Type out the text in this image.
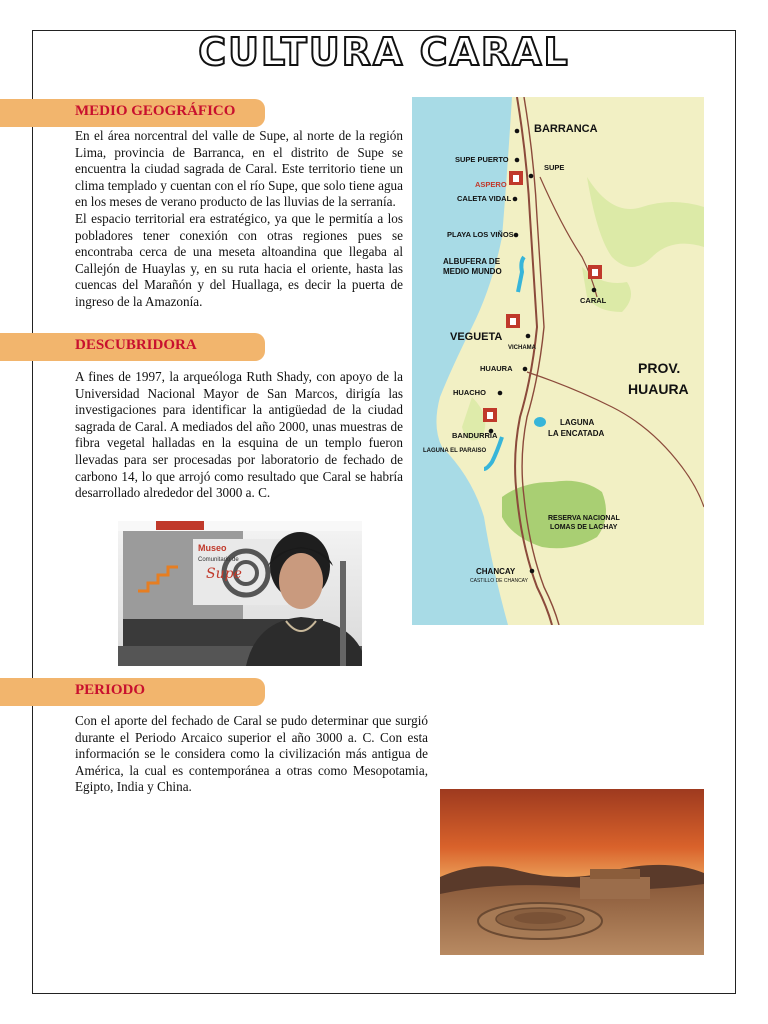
CULTURA CARAL
MEDIO GEOGRÁFICO

En el área norcentral del valle de Supe, al norte de la región Lima, provincia de Barranca, en el distrito de Supe se encuentra la ciudad sagrada de Caral. Este territorio tiene un clima templado y cuentan con el río Supe, que solo tiene agua en los meses de verano producto de las lluvias de la serranía.

El espacio territorial era estratégico, ya que le permitía a los pobladores tener conexión con otras regiones pues se encontraba cerca de una meseta altoandina que llegaba al Callejón de Huaylas y, en su ruta hacia el oriente, hasta las cuencas del Marañón y del Huallaga, es decir la puerta de ingreso de la Amazonía.

DESCUBRIDORA

A fines de 1997, la arqueóloga Ruth Shady, con apoyo de la Universidad Nacional Mayor de San Marcos, dirigía las investigaciones para identificar la antigüedad de la ciudad sagrada de Caral. A mediados del año 2000, unas muestras de fibra vegetal halladas en la esquina de un templo fueron llevadas para ser procesadas por laboratorio de fechado de carbono 14, lo que arrojó como resultado que Caral se habría desarrollado alrededor del 3000 a. C.

Museo
Comunitario de
Supe
PERIODO

Con el aporte del fechado de Caral se pudo determinar que surgió durante el Periodo Arcaico superior el año 3000 a. C. Con esta información se le considera como la civilización más antigua de América, la cual es contemporánea a otras como Mesopotamia, Egipto, India y China.

BARRANCA
SUPE PUERTO
SUPE
ASPERO
CALETA VIDAL
PLAYA LOS VIÑOS
ALBUFERA DE
MEDIO MUNDO
CARAL
VEGUETA
VICHAMA
HUAURA	PROV.
HUAURA
HUACHO
LAGUNA
LA ENCATADA
BANDURRIA
LAGUNA EL PARAISO
RESERVA NACIONAL
LOMAS DE LACHAY
CHANCAY
CASTILLO DE CHANCAY
